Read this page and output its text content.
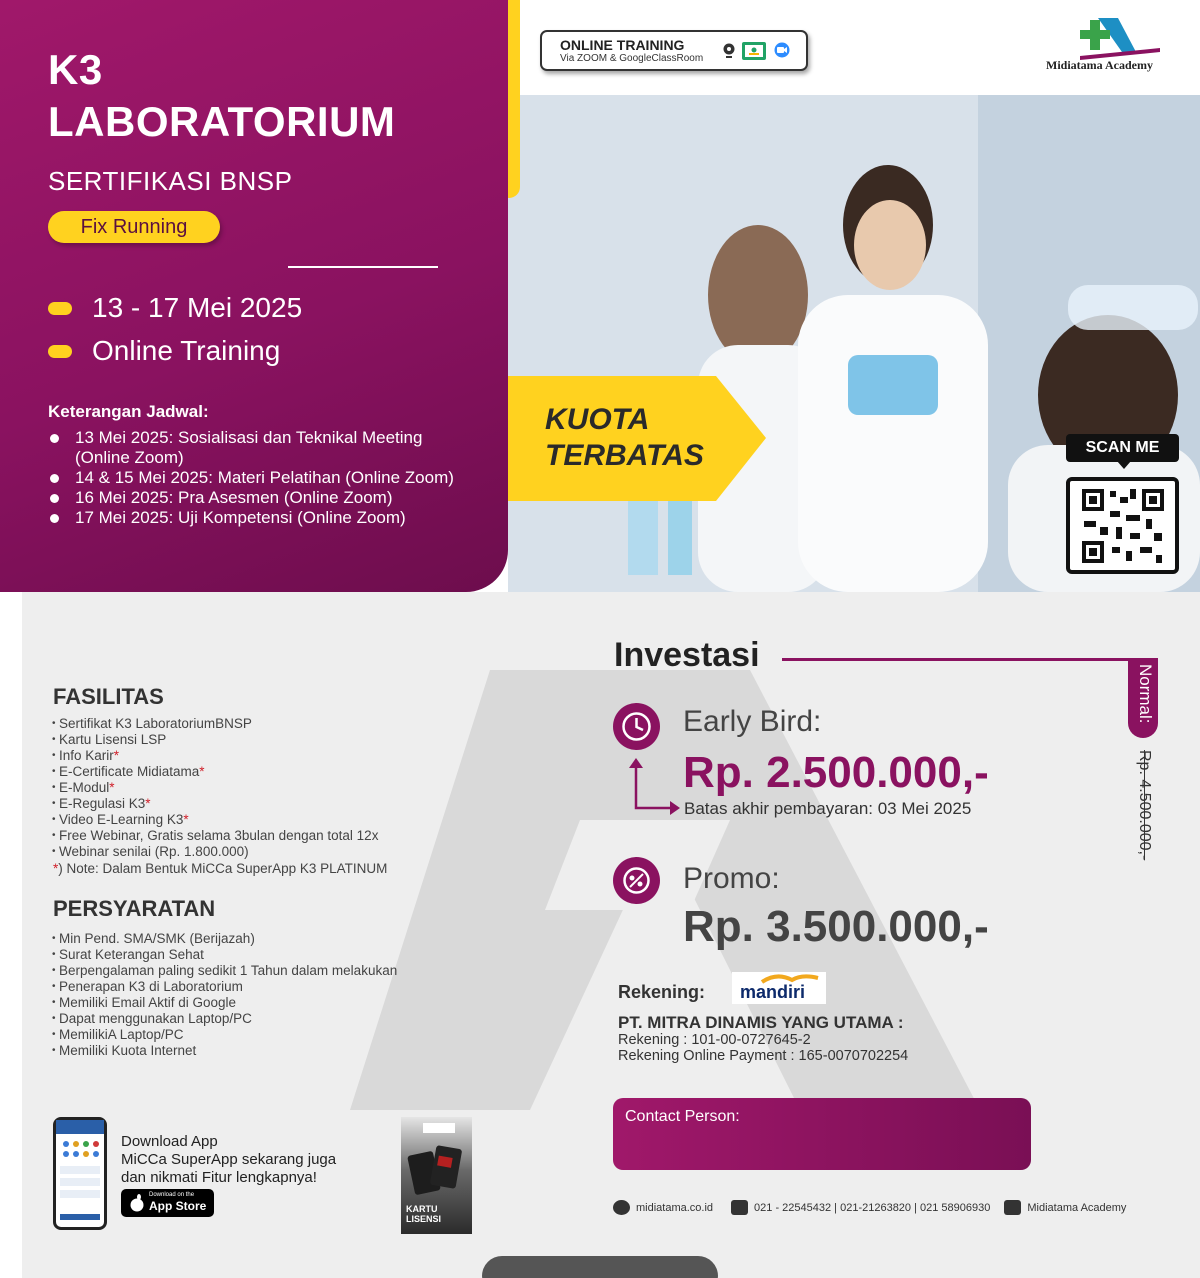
KUOTA
TERBATAS	SCAN ME
K3
LABORATORIUM
SERTIFIKASI BNSP
Fix Running
13 - 17 Mei 2025
Online Training
Keterangan Jadwal:
13 Mei 2025: Sosialisasi dan Teknikal Meeting (Online Zoom)
14 & 15 Mei 2025: Materi Pelatihan (Online Zoom)
16 Mei 2025: Pra Asesmen (Online Zoom)
17 Mei 2025: Uji Kompetensi (Online Zoom)
ONLINE TRAINING
Via ZOOM & GoogleClassRoom	Midiatama Academy
FASILITAS
• Sertifikat K3 LaboratoriumBNSP
• Kartu Lisensi LSP
• Info Karir*
• E-Certificate Midiatama*
• E-Modul*
• E-Regulasi K3*
• Video E-Learning K3*
• Free Webinar, Gratis selama 3bulan dengan total 12x
• Webinar senilai (Rp. 1.800.000)
*) Note: Dalam Bentuk MiCCa SuperApp K3 PLATINUM
PERSYARATAN
• Min Pend. SMA/SMK (Berijazah)
• Surat Keterangan Sehat
• Berpengalaman paling sedikit 1 Tahun dalam melakukan
• Penerapan K3 di Laboratorium
• Memiliki Email Aktif di Google
• Dapat menggunakan Laptop/PC
• MemilikiA Laptop/PC
• Memiliki Kuota Internet
Download App
MiCCa SuperApp sekarang juga
dan nikmati Fitur lengkapnya!
Download on the
App Store	KARTU
LISENSI
Investasi
Normal:
Rp. 4.500.000,-
Early Bird:
Rp. 2.500.000,-
Batas akhir pembayaran: 03 Mei 2025
Promo:
Rp. 3.500.000,-
Rekening: mandiri
PT. MITRA DINAMIS YANG UTAMA :
Rekening : 101-00-0727645-2
Rekening Online Payment : 165-0070702254
Contact Person:
midiatama.co.id	021 - 22545432 | 021-21263820 | 021 58906930	Midiatama Academy
